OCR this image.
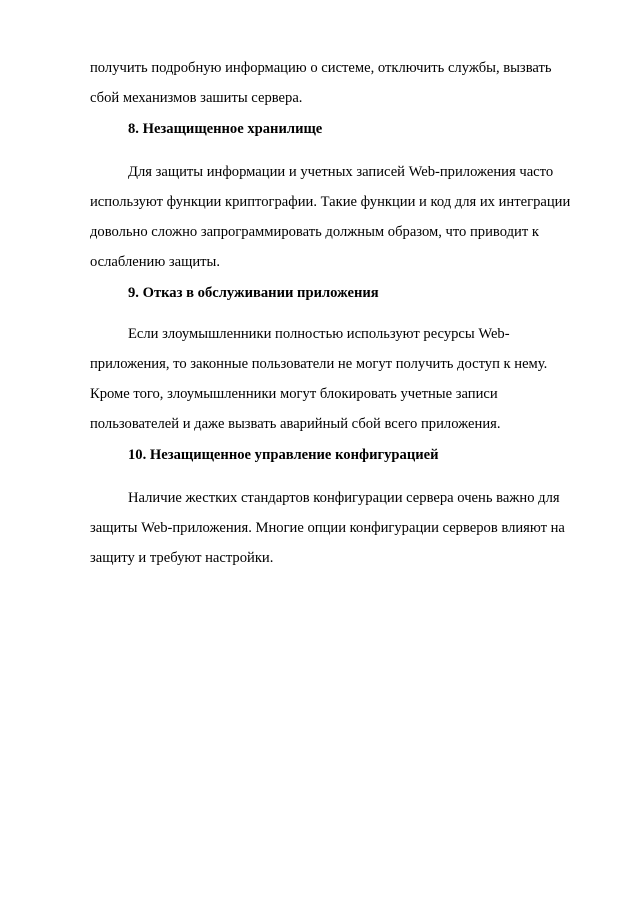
получить подробную информацию о системе, отключить службы, вызвать
сбой механизмов зашиты сервера.
8. Незащищенное хранилище
Для защиты информации и учетных записей Web-приложения часто
используют функции криптографии. Такие функции и код для их интеграции
довольно сложно запрограммировать должным образом, что приводит к
ослаблению защиты.
9. Отказ в обслуживании приложения
Если злоумышленники полностью используют ресурсы Web-
приложения, то законные пользователи не могут получить доступ к нему.
Кроме того, злоумышленники могут блокировать учетные записи
пользователей и даже вызвать аварийный сбой всего приложения.
10. Незащищенное управление конфигурацией
Наличие жестких стандартов конфигурации сервера очень важно для
защиты Web-приложения. Многие опции конфигурации серверов влияют на
защиту и требуют настройки.
